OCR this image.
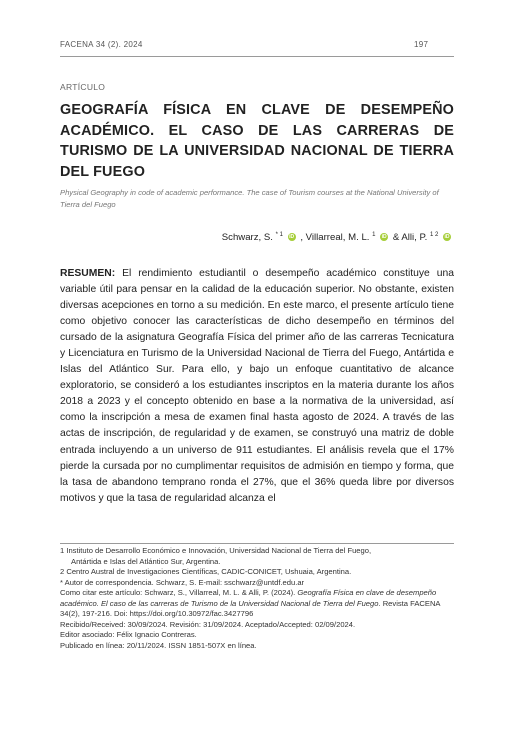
FACENA 34 (2). 2024	197
ARTÍCULO
GEOGRAFÍA FÍSICA EN CLAVE DE DESEMPEÑO ACADÉMICO. EL CASO DE LAS CARRERAS DE TURISMO DE LA UNIVERSIDAD NACIONAL DE TIERRA DEL FUEGO
Physical Geography in code of academic performance. The case of Tourism courses at the National University of Tierra del Fuego
Schwarz, S. $^{* 1}$ iD , Villarreal, M. L. $^1$ iD & Alli, P. $^{1 2}$ iD

RESUMEN: El rendimiento estudiantil o desempeño académico constituye una variable útil para pensar en la calidad de la educación superior. No obstante, existen diversas acepciones en torno a su medición. En este marco, el presente artículo tiene como objetivo conocer las características de dicho desempeño en términos del cursado de la asignatura Geografía Física del primer año de las carreras Tecnicatura y Licenciatura en Turismo de la Universidad Nacional de Tierra del Fuego, Antártida e Islas del Atlántico Sur. Para ello, y bajo un enfoque cuantitativo de alcance exploratorio, se consideró a los estudiantes inscriptos en la materia durante los años 2018 a 2023 y el concepto obtenido en base a la normativa de la universidad, así como la inscripción a mesa de examen final hasta agosto de 2024. A través de las actas de inscripción, de regularidad y de examen, se construyó una matriz de doble entrada incluyendo a un universo de 911 estudiantes. El análisis revela que el 17% pierde la cursada por no cumplimentar requisitos de admisión en tiempo y forma, que la tasa de abandono temprano ronda el 27%, que el 36% queda libre por diversos motivos y que la tasa de regularidad alcanza el

1 Instituto de Desarrollo Económico e Innovación, Universidad Nacional de Tierra del Fuego,

Antártida e Islas del Atlántico Sur, Argentina.

2 Centro Austral de Investigaciones Científicas, CADIC-CONICET, Ushuaia, Argentina.

* Autor de correspondencia. Schwarz, S. E-mail: sschwarz@untdf.edu.ar

Como citar este artículo: Schwarz, S., Villarreal, M. L. & Alli, P. (2024). Geografía Física en clave de desempeño académico. El caso de las carreras de Turismo de la Universidad Nacional de Tierra del Fuego. Revista FACENA 34(2), 197-216. Doi: https://doi.org/10.30972/fac.3427796

Recibido/Received: 30/09/2024. Revisión: 31/09/2024. Aceptado/Accepted: 02/09/2024.

Editor asociado: Félix Ignacio Contreras.

Publicado en línea: 20/11/2024. ISSN 1851-507X en línea.
